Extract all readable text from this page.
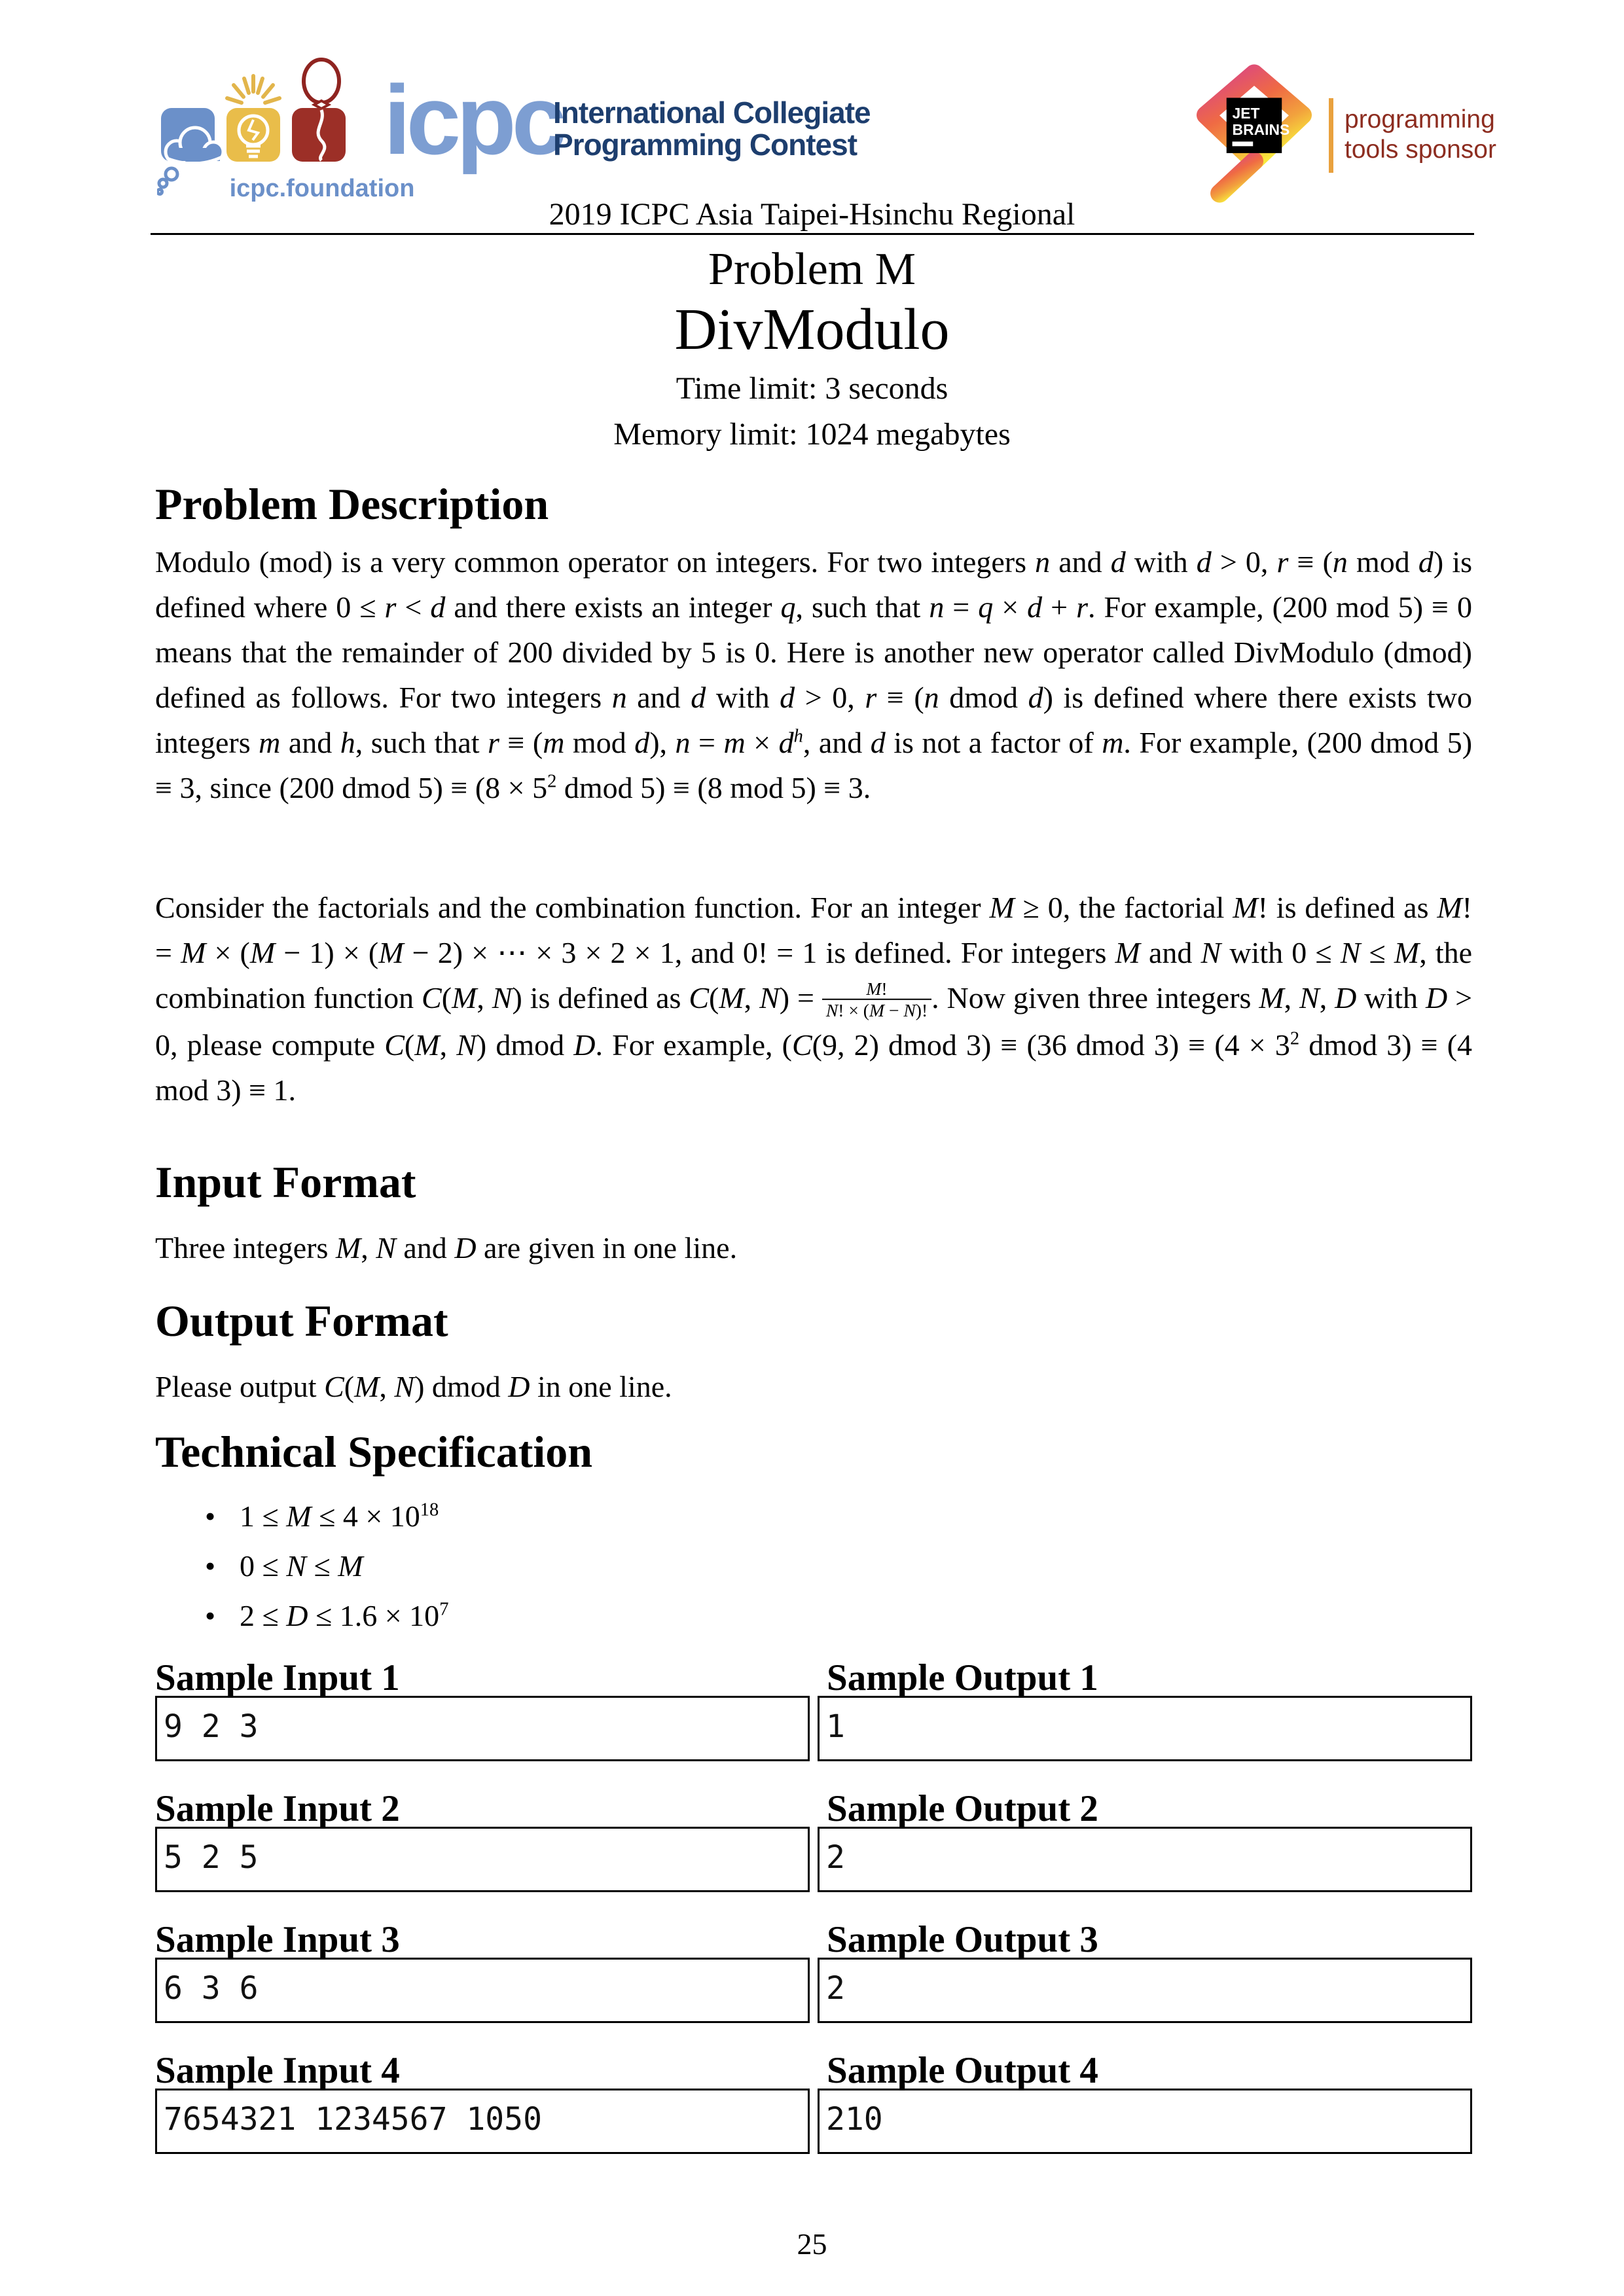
icpc.foundation
icpc
International Collegiate
Programming Contest
JET
BRAINS programming
tools sponsor
2019 ICPC Asia Taipei-Hsinchu Regional
Problem M
DivModulo
Time limit: 3 seconds
Memory limit: 1024 megabytes
Problem Description

Modulo (mod) is a very common operator on integers. For two integers n and d with d > 0, r ≡ (n mod d) is defined where 0 ≤ r < d and there exists an integer q, such that n = q × d + r. For example, (200 mod 5) ≡ 0 means that the remainder of 200 divided by 5 is 0. Here is another new operator called DivModulo (dmod) defined as follows. For two integers n and d with d > 0, r ≡ (n dmod d) is defined where there exists two integers m and h, such that r ≡ (m mod d), $n = m \times d^h$, and d is not a factor of m. For example, (200 dmod 5) ≡ 3, since (200 dmod $5) \equiv (8 \times 5^2$ dmod 5) ≡ (8 mod 5) ≡ 3.

Consider the factorials and the combination function. For an integer M ≥ 0, the factorial M! is defined as M! = M × (M − 1) × (M − 2) × ⋯ × 3 × 2 × 1, and 0! = 1 is defined. For integers M and N with 0 ≤ N ≤ M, the combination function C(M, N) is defined as C(M, $N) = \frac{M!}{N! \times (M - N)!}$ . Now given three integers M, N, D with D > 0, please compute C(M, N) dmod D. For example, (C(9, 2) dmod 3) ≡ (36 dmod $3) \equiv (4 \times 3^2$ dmod 3) ≡ (4 mod 3) ≡ 1.

Input Format

Three integers M, N and D are given in one line.

Output Format

Please output C(M, N) dmod D in one line.

Technical Specification
• $1 \le M \le 4 \times 10^{18}$
• 0 ≤ N ≤ M
• $2 \le D \le 1.6 \times 10^7$
Sample Input 1	Sample Output 1
9 2 3	1
Sample Input 2	Sample Output 2
5 2 5	2
Sample Input 3	Sample Output 3
6 3 6	2
Sample Input 4	Sample Output 4
7654321 1234567 1050	210
25
